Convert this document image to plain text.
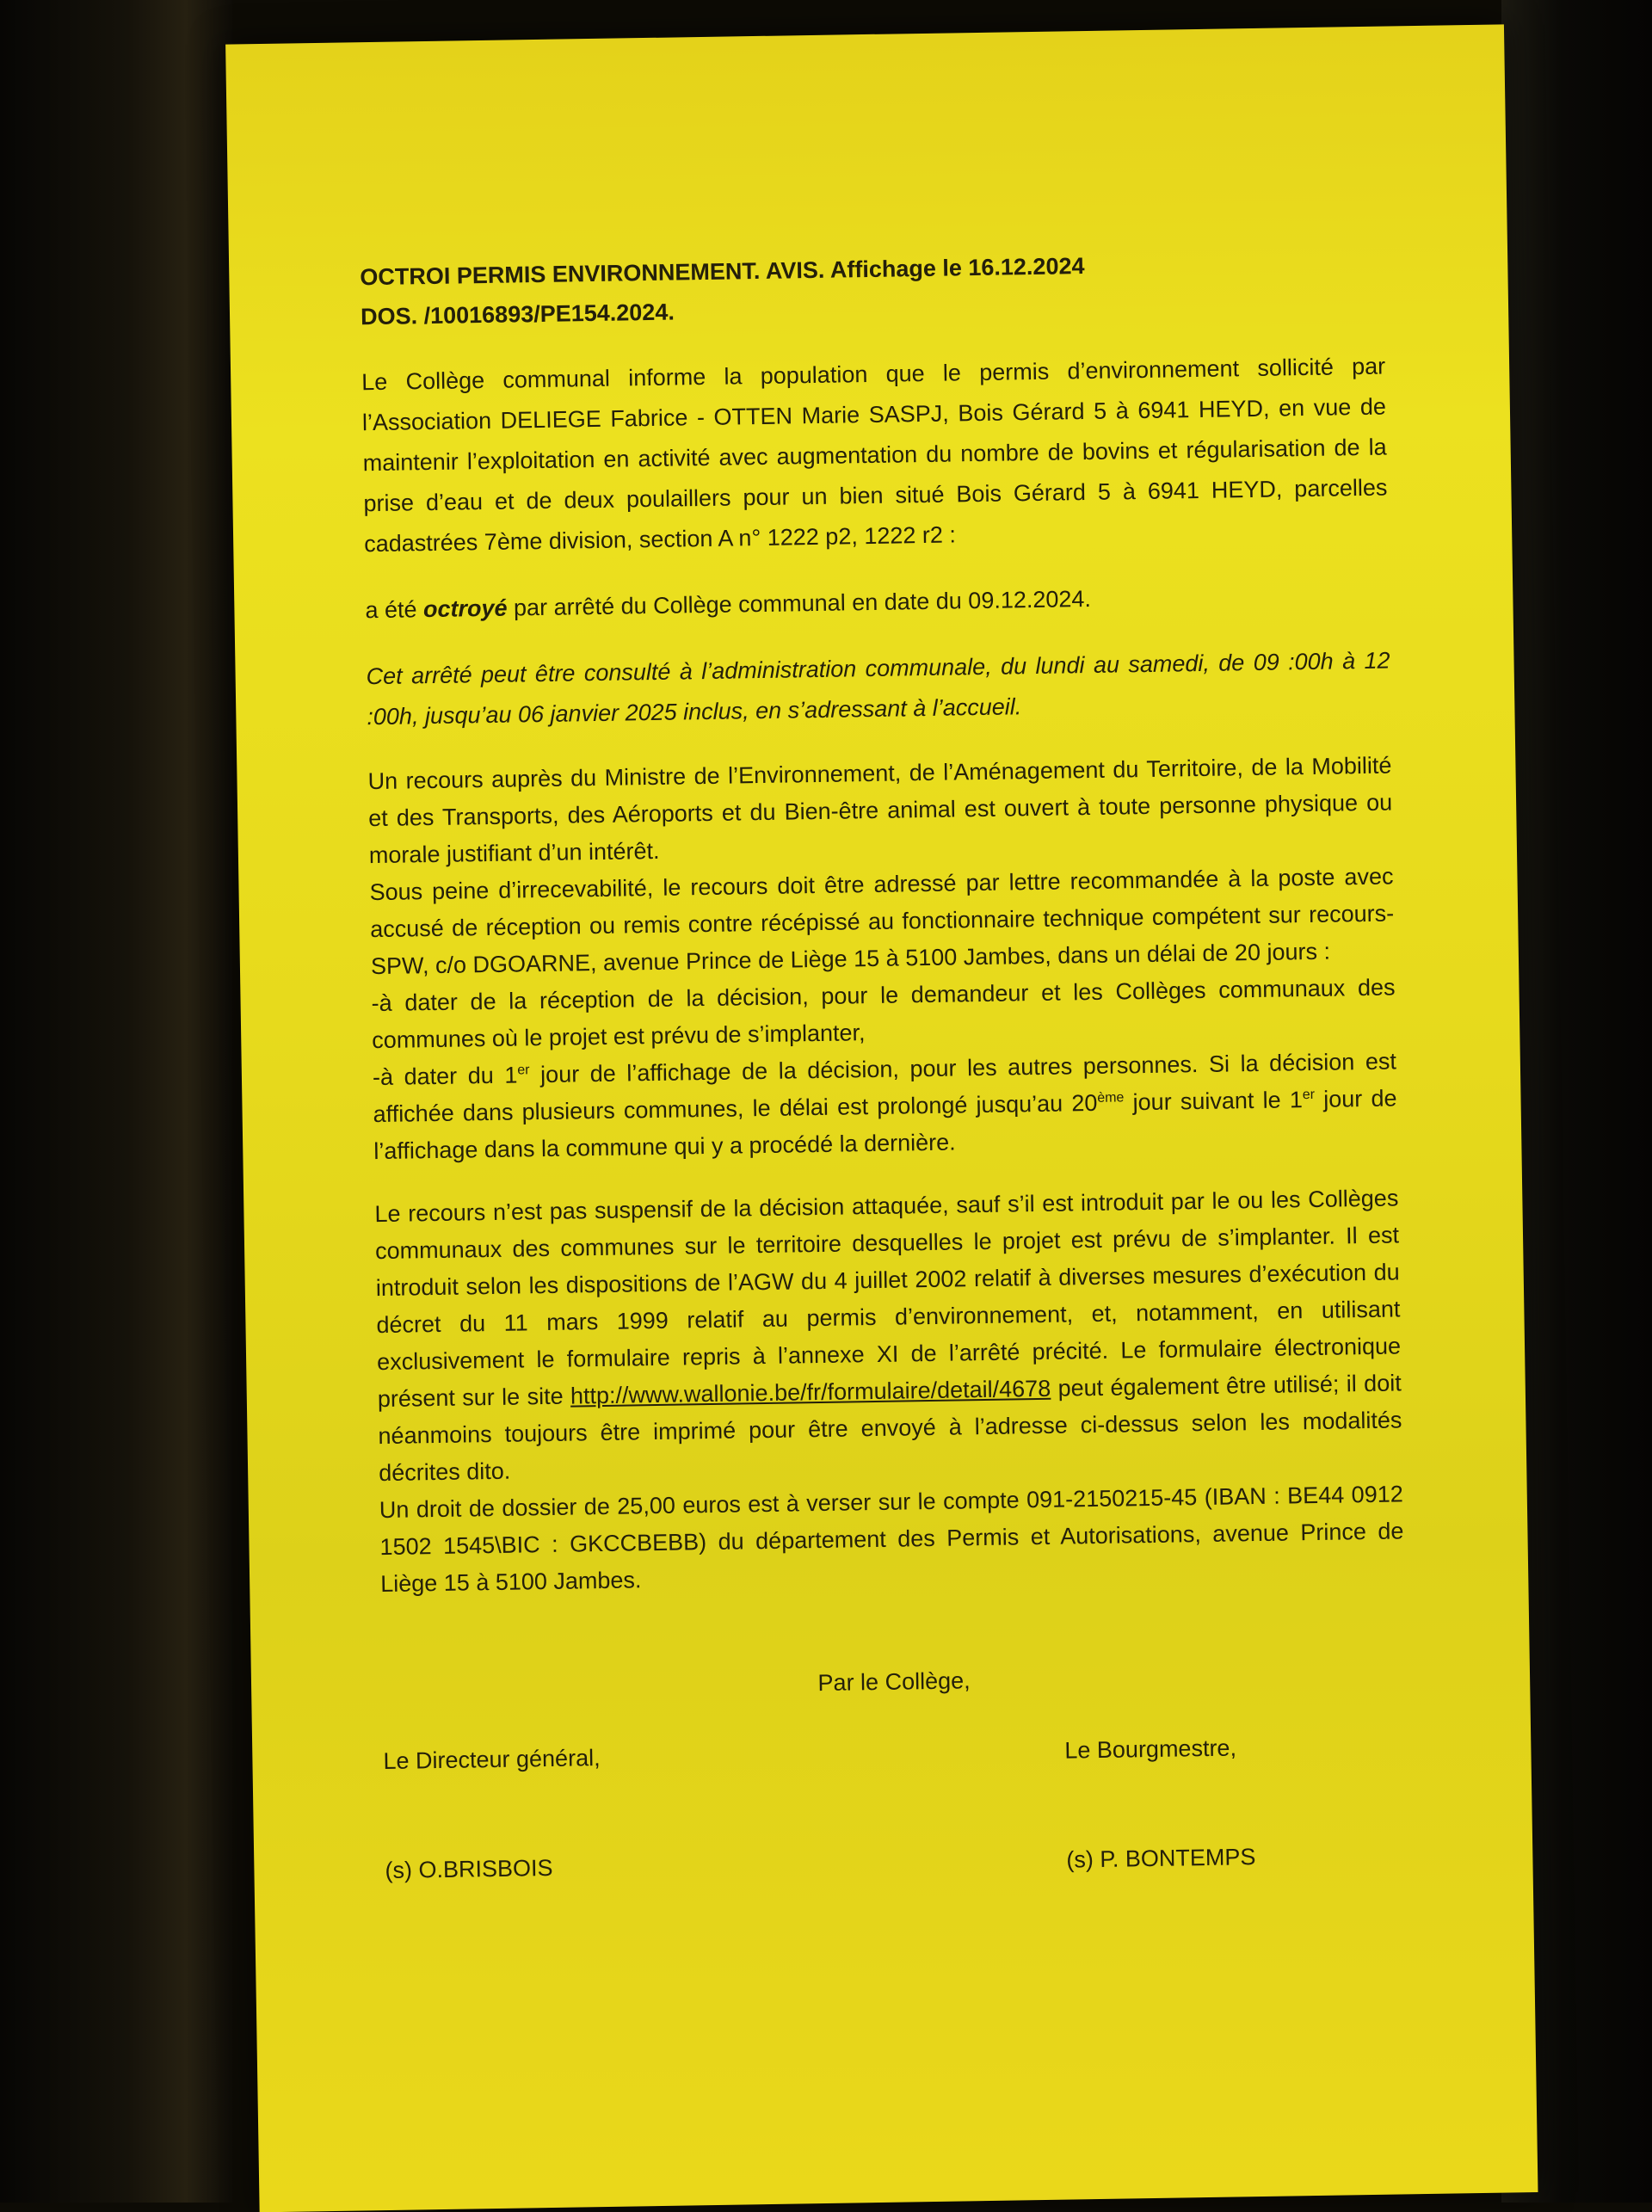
OCTROI PERMIS ENVIRONNEMENT. AVIS. Affichage le 16.12.2024

DOS. /10016893/PE154.2024.

Le Collège communal informe la population que le permis d’environnement sollicité par l’Association DELIEGE Fabrice - OTTEN Marie SASPJ, Bois Gérard 5 à 6941 HEYD, en vue de maintenir l’exploitation en activité avec augmentation du nombre de bovins et régularisation de la prise d’eau et de deux poulaillers pour un bien situé Bois Gérard 5 à 6941 HEYD, parcelles cadastrées 7ème division, section A n° 1222 p2, 1222 r2 :

a été octroyé par arrêté du Collège communal en date du 09.12.2024.

Cet arrêté peut être consulté à l’administration communale, du lundi au samedi, de 09 :00h à 12 :00h, jusqu’au 06 janvier 2025 inclus, en s’adressant à l’accueil.

Un recours auprès du Ministre de l’Environnement, de l’Aménagement du Territoire, de la Mobilité et des Transports, des Aéroports et du Bien-être animal est ouvert à toute personne physique ou morale justifiant d’un intérêt.

Sous peine d’irrecevabilité, le recours doit être adressé par lettre recommandée à la poste avec accusé de réception ou remis contre récépissé au fonctionnaire technique compétent sur recours-SPW, c/o DGOARNE, avenue Prince de Liège 15 à 5100 Jambes, dans un délai de 20 jours :

-à dater de la réception de la décision, pour le demandeur et les Collèges communaux des communes où le projet est prévu de s’implanter,

-à dater du 1er jour de l’affichage de la décision, pour les autres personnes. Si la décision est affichée dans plusieurs communes, le délai est prolongé jusqu’au 20ème jour suivant le 1er jour de l’affichage dans la commune qui y a procédé la dernière.

Le recours n’est pas suspensif de la décision attaquée, sauf s’il est introduit par le ou les Collèges communaux des communes sur le territoire desquelles le projet est prévu de s’implanter. Il est introduit selon les dispositions de l’AGW du 4 juillet 2002 relatif à diverses mesures d’exécution du décret du 11 mars 1999 relatif au permis d’environnement, et, notamment, en utilisant exclusivement le formulaire repris à l’annexe XI de l’arrêté précité. Le formulaire électronique présent sur le site http://www.wallonie.be/fr/formulaire/detail/4678 peut également être utilisé; il doit néanmoins toujours être imprimé pour être envoyé à l’adresse ci-dessus selon les modalités décrites dito.

Un droit de dossier de 25,00 euros est à verser sur le compte 091-2150215-45 (IBAN : BE44 0912 1502 1545\BIC : GKCCBEBB) du département des Permis et Autorisations, avenue Prince de Liège 15 à 5100 Jambes.

Par le Collège,

Le Directeur général,	Le Bourgmestre,
(s) O.BRISBOIS	(s) P. BONTEMPS
